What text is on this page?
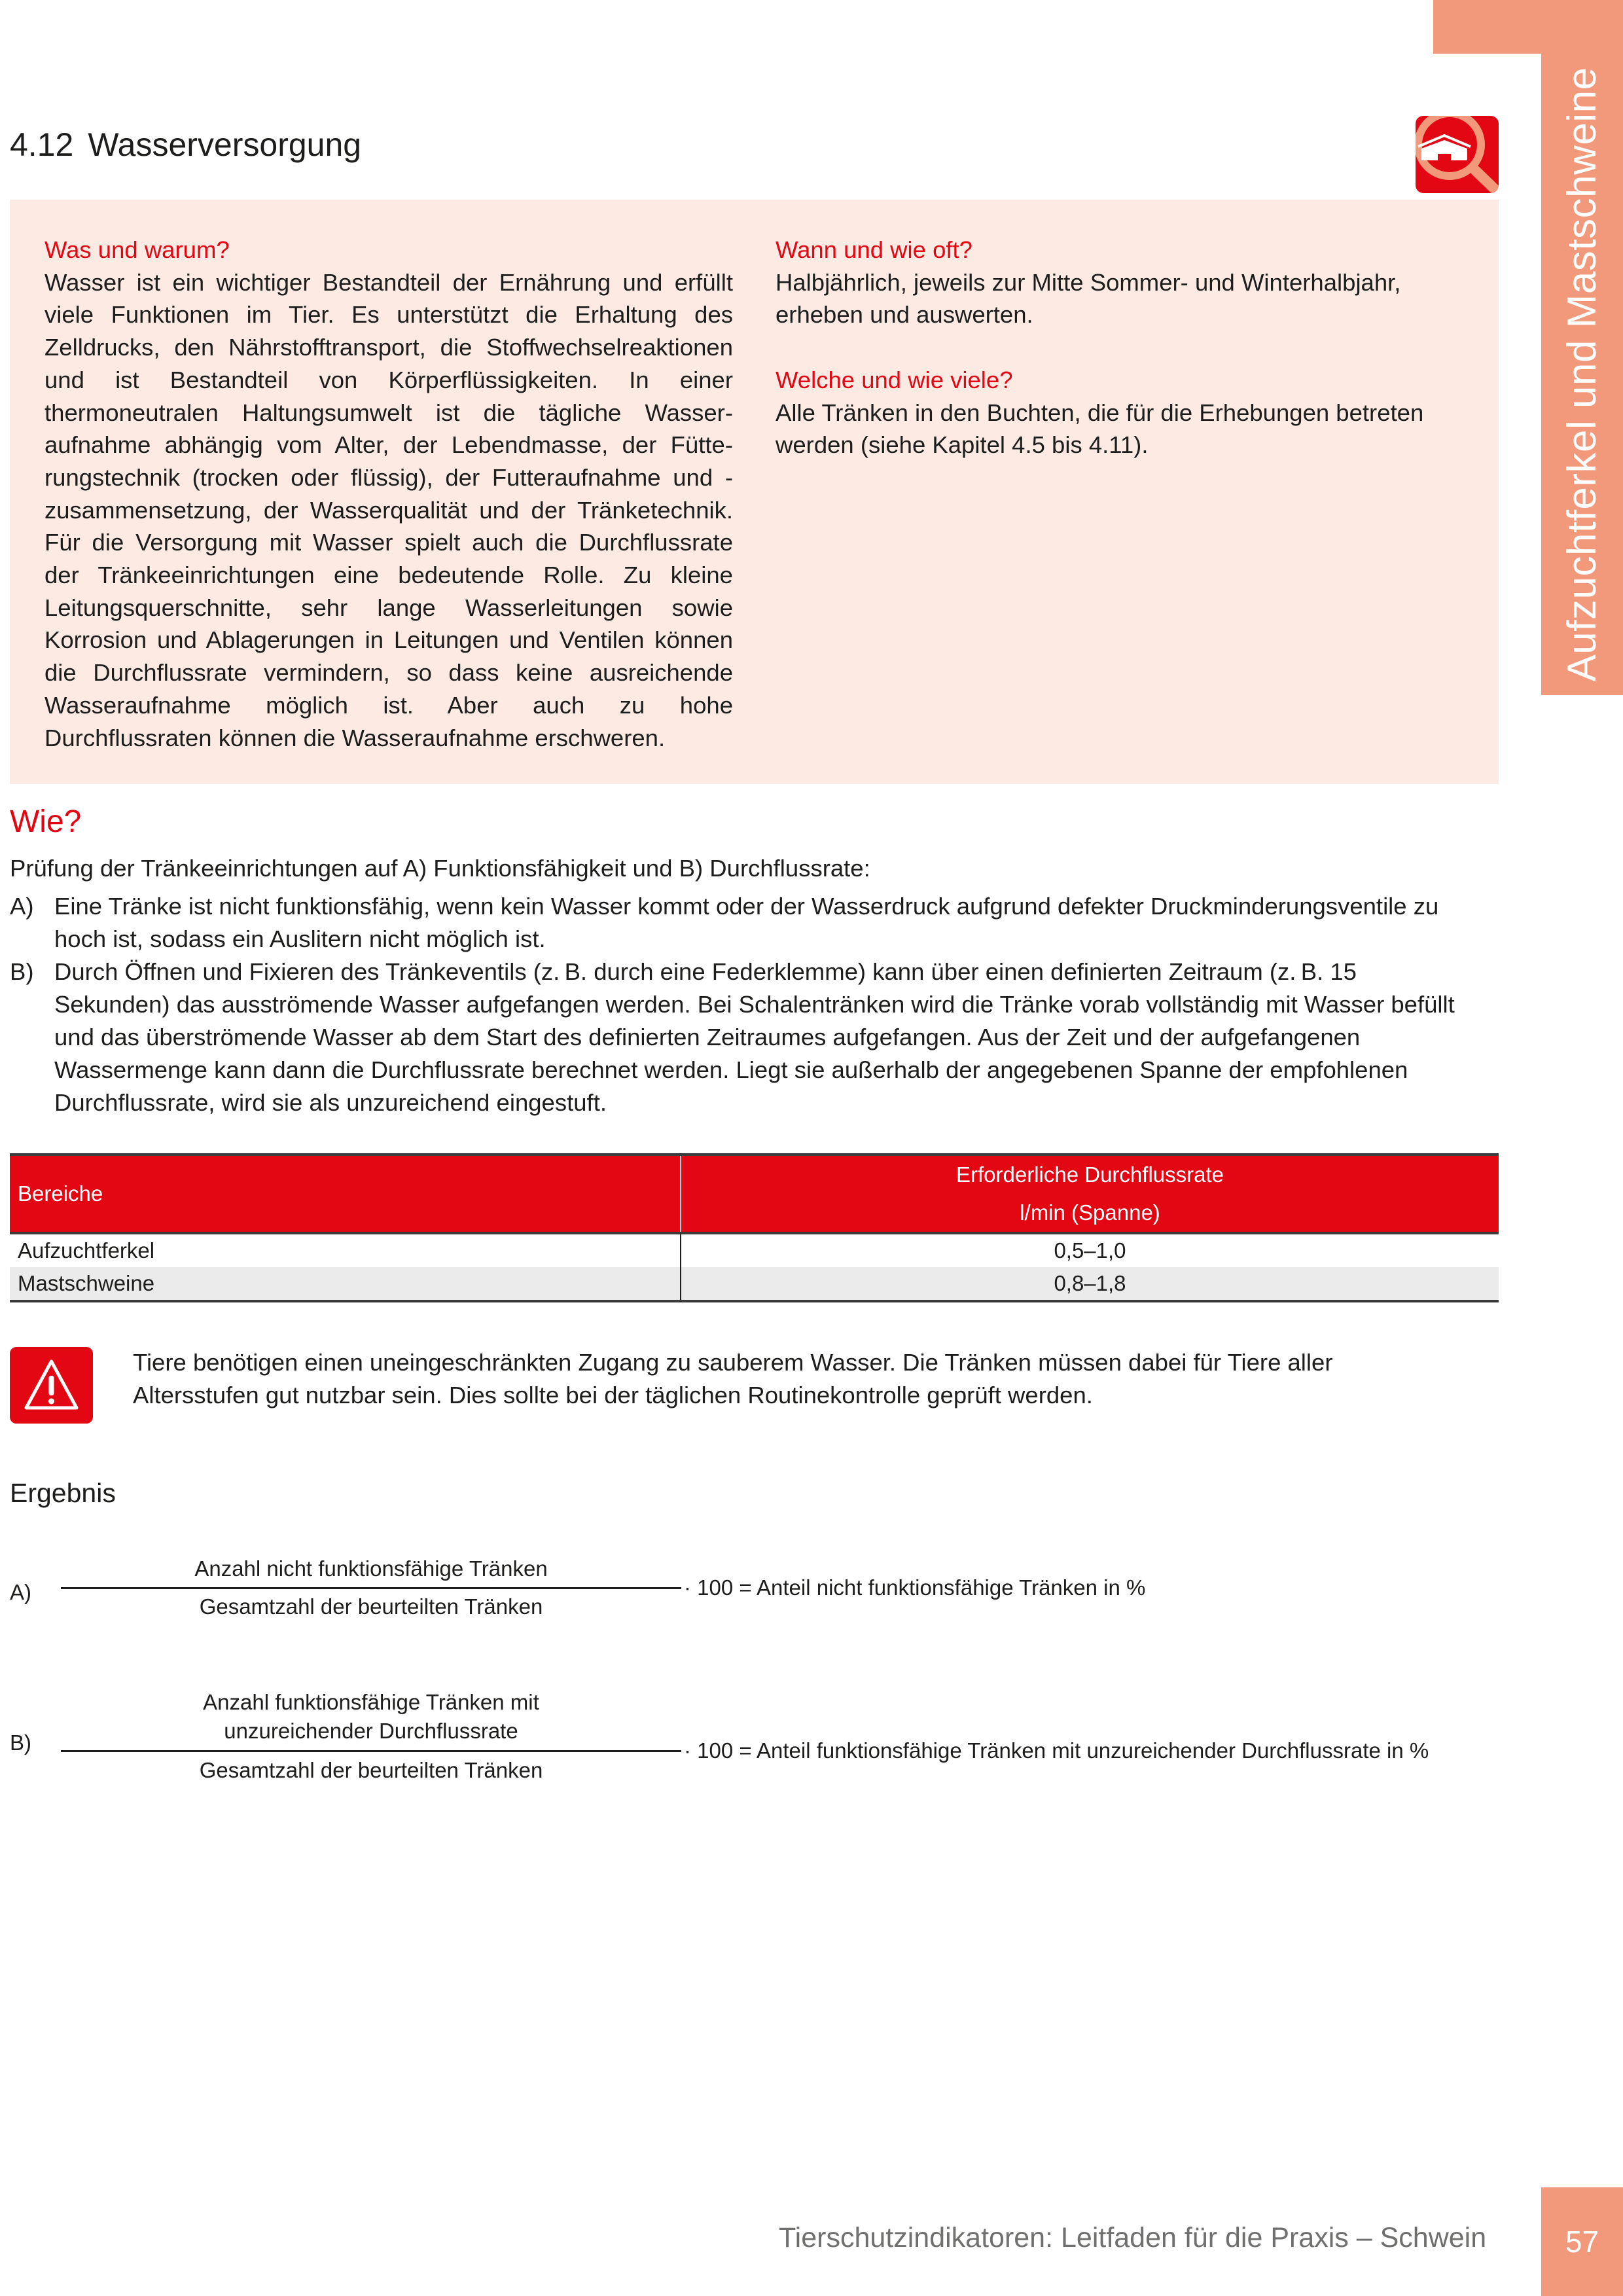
Aufzuchtferkel und Mastschweine
4.12 Wasserversorgung
Was und warum?
Wasser ist ein wichtiger Bestandteil der Ernährung und erfüllt viele Funktionen im Tier. Es unterstützt die Erhaltung des Zelldrucks, den Nährstofftransport, die Stoffwechselreaktionen und ist Bestandteil von Körperflüssigkeiten. In einer thermoneutralen Haltungsumwelt ist die tägliche Wasseraufnahme abhängig vom Alter, der Lebendmasse, der Fütterungstechnik (trocken oder flüssig), der Futteraufnahme und -zusammensetzung, der Wasserqualität und der Tränketechnik. Für die Versorgung mit Wasser spielt auch die Durchflussrate der Tränkeeinrichtungen eine bedeutende Rolle. Zu kleine Leitungsquerschnitte, sehr lange Wasserleitungen sowie Korrosion und Ablagerungen in Leitungen und Ventilen können die Durchflussrate vermindern, so dass keine ausreichende Wasseraufnahme möglich ist. Aber auch zu hohe Durchflussraten können die Wasseraufnahme erschweren.
Wann und wie oft?
Halbjährlich, jeweils zur Mitte Sommer- und Winterhalbjahr, erheben und auswerten.
Welche und wie viele?
Alle Tränken in den Buchten, die für die Erhebungen betreten werden (siehe Kapitel 4.5 bis 4.11).
Wie?
Prüfung der Tränkeeinrichtungen auf A) Funktionsfähigkeit und B) Durchflussrate:
A) Eine Tränke ist nicht funktionsfähig, wenn kein Wasser kommt oder der Wasserdruck aufgrund defekter Druckminderungsventile zu hoch ist, sodass ein Auslitern nicht möglich ist.
B) Durch Öffnen und Fixieren des Tränkeventils (z. B. durch eine Federklemme) kann über einen definierten Zeitraum (z. B. 15 Sekunden) das ausströmende Wasser aufgefangen werden. Bei Schalentränken wird die Tränke vorab vollständig mit Wasser befüllt und das überströmende Wasser ab dem Start des definierten Zeitraumes aufgefangen. Aus der Zeit und der aufgefangenen Wassermenge kann dann die Durchflussrate berechnet werden. Liegt sie außerhalb der angegebenen Spanne der empfohlenen Durchflussrate, wird sie als unzureichend eingestuft.
Bereiche	Erforderliche Durchflussrate
l/min (Spanne)

Aufzuchtferkel	0,5–1,0
Mastschweine	0,8–1,8
Tiere benötigen einen uneingeschränkten Zugang zu sauberem Wasser. Die Tränken müssen dabei für Tiere aller
Altersstufen gut nutzbar sein. Dies sollte bei der täglichen Routinekontrolle geprüft werden.
Ergebnis
A)
Anzahl nicht funktionsfähige Tränken
Gesamtzahl der beurteilten Tränken
· 100 = Anteil nicht funktionsfähige Tränken in %
B)
Anzahl funktionsfähige Tränken mit
unzureichender Durchflussrate
Gesamtzahl der beurteilten Tränken
· 100 = Anteil funktionsfähige Tränken mit unzureichender Durchflussrate in %
Tierschutzindikatoren: Leitfaden für die Praxis – Schwein	57
